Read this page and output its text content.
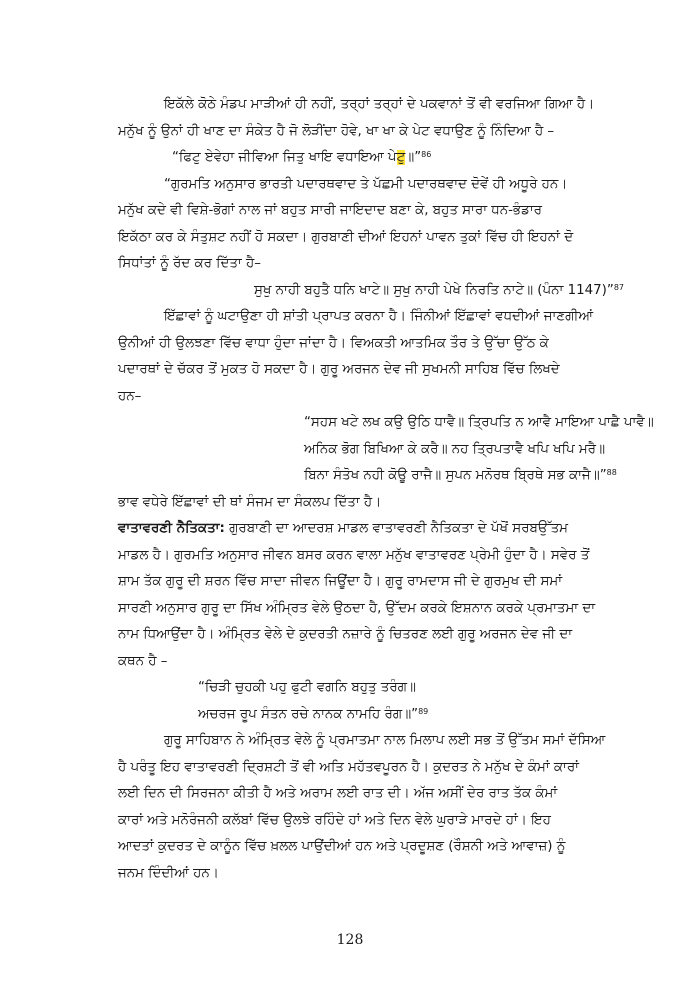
ਇਕੱਲੇ ਕੋਠੇ ਮੰਡਪ ਮਾੜੀਆਂ ਹੀ ਨਹੀਂ, ਤਰ੍ਹਾਂ ਤਰ੍ਹਾਂ ਦੇ ਪਕਵਾਨਾਂ ਤੋਂ ਵੀ ਵਰਜਿਆ ਗਿਆ ਹੈ।

ਮਨੁੱਖ ਨੂੰ ਉਨਾਂ ਹੀ ਖਾਣ ਦਾ ਸੰਕੇਤ ਹੈ ਜੋ ਲੋੜੀਂਦਾ ਹੋਵੇ, ਖਾ ਖਾ ਕੇ ਪੇਟ ਵਧਾਉਣ ਨੂੰ ਨਿੰਦਿਆ ਹੈ –

“ਫਿਟੁ ਏਵੇਹਾ ਜੀਵਿਆ ਜਿਤੁ ਖਾਇ ਵਧਾਇਆ ਪੇਟੁ॥”$^{86}$

“ਗੁਰਮਤਿ ਅਨੁਸਾਰ ਭਾਰਤੀ ਪਦਾਰਥਵਾਦ ਤੇ ਪੱਛਮੀ ਪਦਾਰਥਵਾਦ ਦੋਵੇਂ ਹੀ ਅਧੂਰੇ ਹਨ।

ਮਨੁੱਖ ਕਦੇ ਵੀ ਵਿਸ਼ੇ-ਭੋਗਾਂ ਨਾਲ ਜਾਂ ਬਹੁਤ ਸਾਰੀ ਜਾਇਦਾਦ ਬਣਾ ਕੇ, ਬਹੁਤ ਸਾਰਾ ਧਨ-ਭੰਡਾਰ

ਇਕੱਠਾ ਕਰ ਕੇ ਸੰਤੁਸ਼ਟ ਨਹੀਂ ਹੋ ਸਕਦਾ। ਗੁਰਬਾਣੀ ਦੀਆਂ ਇਹਨਾਂ ਪਾਵਨ ਤੁਕਾਂ ਵਿੱਚ ਹੀ ਇਹਨਾਂ ਦੋ

ਸਿਧਾਂਤਾਂ ਨੂੰ ਰੱਦ ਕਰ ਦਿੱਤਾ ਹੈ–

ਸੁਖੁ ਨਾਹੀ ਬਹੁਤੈ ਧਨਿ ਖਾਟੇ॥ ਸੁਖੁ ਨਾਹੀ ਪੇਖੇ ਨਿਰਤਿ ਨਾਟੇ॥ (ਪੰਨਾ 1147)”$^{87}$

ਇੱਛਾਵਾਂ ਨੂੰ ਘਟਾਉਣਾ ਹੀ ਸ਼ਾਂਤੀ ਪ੍ਰਾਪਤ ਕਰਨਾ ਹੈ। ਜਿੰਨੀਆਂ ਇੱਛਾਵਾਂ ਵਧਦੀਆਂ ਜਾਣਗੀਆਂ

ਉਨੀਆਂ ਹੀ ਉਲਝਣਾ ਵਿੱਚ ਵਾਧਾ ਹੁੰਦਾ ਜਾਂਦਾ ਹੈ। ਵਿਅਕਤੀ ਆਤਮਿਕ ਤੌਰ ਤੇ ਉੱਚਾ ਉੱਠ ਕੇ

ਪਦਾਰਥਾਂ ਦੇ ਚੱਕਰ ਤੋਂ ਮੁਕਤ ਹੋ ਸਕਦਾ ਹੈ। ਗੁਰੂ ਅਰਜਨ ਦੇਵ ਜੀ ਸੁਖਮਨੀ ਸਾਹਿਬ ਵਿੱਚ ਲਿਖਦੇ

ਹਨ–

“ਸਹਸ ਖਟੇ ਲਖ ਕਉ ਉਠਿ ਧਾਵੈ॥ ਤ੍ਰਿਪਤਿ ਨ ਆਵੈ ਮਾਇਆ ਪਾਛੈ ਪਾਵੈ॥

ਅਨਿਕ ਭੋਗ ਬਿਖਿਆ ਕੇ ਕਰੈ॥ ਨਹ ਤ੍ਰਿਪਤਾਵੈ ਖਪਿ ਖਪਿ ਮਰੈ॥

ਬਿਨਾ ਸੰਤੋਖ ਨਹੀ ਕੋਊ ਰਾਜੈ॥ ਸੁਪਨ ਮਨੋਰਥ ਬ੍ਰਿਥੇ ਸਭ ਕਾਜੈ॥”$^{88}$

ਭਾਵ ਵਧੇਰੇ ਇੱਛਾਵਾਂ ਦੀ ਥਾਂ ਸੰਜਮ ਦਾ ਸੰਕਲਪ ਦਿੱਤਾ ਹੈ।

ਵਾਤਾਵਰਣੀ ਨੈਤਿਕਤਾ: ਗੁਰਬਾਣੀ ਦਾ ਆਦਰਸ਼ ਮਾਡਲ ਵਾਤਾਵਰਣੀ ਨੈਤਿਕਤਾ ਦੇ ਪੱਖੋਂ ਸਰਬਉੱਤਮ

ਮਾਡਲ ਹੈ। ਗੁਰਮਤਿ ਅਨੁਸਾਰ ਜੀਵਨ ਬਸਰ ਕਰਨ ਵਾਲਾ ਮਨੁੱਖ ਵਾਤਾਵਰਣ ਪ੍ਰੇਮੀ ਹੁੰਦਾ ਹੈ। ਸਵੇਰ ਤੋਂ

ਸ਼ਾਮ ਤੱਕ ਗੁਰੂ ਦੀ ਸ਼ਰਨ ਵਿੱਚ ਸਾਦਾ ਜੀਵਨ ਜਿਊਂਦਾ ਹੈ। ਗੁਰੂ ਰਾਮਦਾਸ ਜੀ ਦੇ ਗੁਰਮੁਖ ਦੀ ਸਮਾਂ

ਸਾਰਣੀ ਅਨੁਸਾਰ ਗੁਰੂ ਦਾ ਸਿੱਖ ਅੰਮ੍ਰਿਤ ਵੇਲੇ ਉਠਦਾ ਹੈ, ਉੱਦਮ ਕਰਕੇ ਇਸ਼ਨਾਨ ਕਰਕੇ ਪ੍ਰਮਾਤਮਾ ਦਾ

ਨਾਮ ਧਿਆਉਂਦਾ ਹੈ। ਅੰਮ੍ਰਿਤ ਵੇਲੇ ਦੇ ਕੁਦਰਤੀ ਨਜ਼ਾਰੇ ਨੂੰ ਚਿਤਰਣ ਲਈ ਗੁਰੂ ਅਰਜਨ ਦੇਵ ਜੀ ਦਾ

ਕਥਨ ਹੈ –

“ਚਿੜੀ ਚੁਹਕੀ ਪਹੁ ਫੁਟੀ ਵਗਨਿ ਬਹੁਤੁ ਤਰੰਗ॥

ਅਚਰਜ ਰੂਪ ਸੰਤਨ ਰਚੇ ਨਾਨਕ ਨਾਮਹਿ ਰੰਗ॥”$^{89}$

ਗੁਰੂ ਸਾਹਿਬਾਨ ਨੇ ਅੰਮ੍ਰਿਤ ਵੇਲੇ ਨੂੰ ਪ੍ਰਮਾਤਮਾ ਨਾਲ ਮਿਲਾਪ ਲਈ ਸਭ ਤੋਂ ਉੱਤਮ ਸਮਾਂ ਦੱਸਿਆ

ਹੈ ਪਰੰਤੂ ਇਹ ਵਾਤਾਵਰਣੀ ਦ੍ਰਿਸ਼ਟੀ ਤੋਂ ਵੀ ਅਤਿ ਮਹੱਤਵਪੂਰਨ ਹੈ। ਕੁਦਰਤ ਨੇ ਮਨੁੱਖ ਦੇ ਕੰਮਾਂ ਕਾਰਾਂ

ਲਈ ਦਿਨ ਦੀ ਸਿਰਜਨਾ ਕੀਤੀ ਹੈ ਅਤੇ ਅਰਾਮ ਲਈ ਰਾਤ ਦੀ। ਅੱਜ ਅਸੀਂ ਦੇਰ ਰਾਤ ਤੱਕ ਕੰਮਾਂ

ਕਾਰਾਂ ਅਤੇ ਮਨੋਰੰਜਨੀ ਕਲੱਬਾਂ ਵਿੱਚ ਉਲਝੇ ਰਹਿੰਦੇ ਹਾਂ ਅਤੇ ਦਿਨ ਵੇਲੇ ਘੁਰਾੜੇ ਮਾਰਦੇ ਹਾਂ। ਇਹ

ਆਦਤਾਂ ਕੁਦਰਤ ਦੇ ਕਾਨੂੰਨ ਵਿੱਚ ਖ਼ਲਲ ਪਾਉਂਦੀਆਂ ਹਨ ਅਤੇ ਪ੍ਰਦੂਸ਼ਣ (ਰੌਸ਼ਨੀ ਅਤੇ ਆਵਾਜ਼) ਨੂੰ

ਜਨਮ ਦਿੰਦੀਆਂ ਹਨ।

128
